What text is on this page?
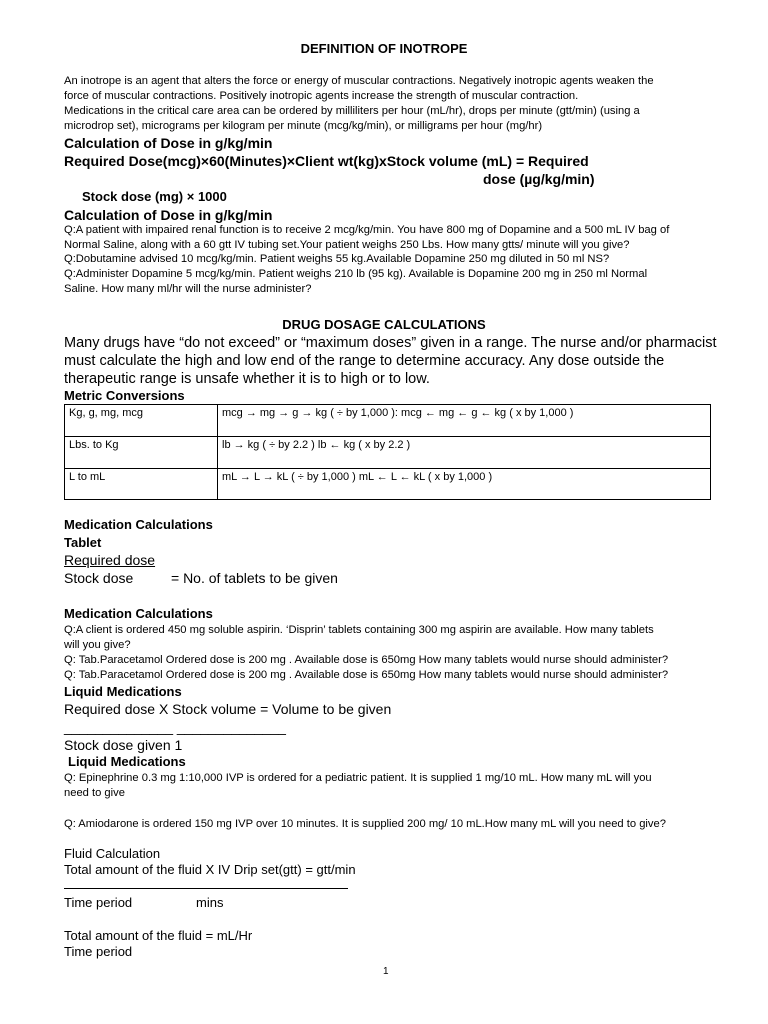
DEFINITION OF INOTROPE
An inotrope is an agent that alters the force or energy of muscular contractions. Negatively inotropic agents weaken the
force of muscular contractions. Positively inotropic agents increase the strength of muscular contraction.
Medications in the critical care area can be ordered by milliliters per hour (mL/hr), drops per minute (gtt/min) (using a
microdrop set), micrograms per kilogram per minute (mcg/kg/min), or milligrams per hour (mg/hr)
Calculation of Dose in g/kg/min
Required Dose(mcg)×60(Minutes)×Client wt(kg)xStock volume (mL) = Required
dose (µg/kg/min)
Stock dose (mg) × 1000
Calculation of Dose in g/kg/min
Q:A patient with impaired renal function is to receive 2 mcg/kg/min. You have 800 mg of Dopamine and a 500 mL IV bag of
Normal Saline, along with a 60 gtt IV tubing set.Your patient weighs 250 Lbs. How many gtts/ minute will you give?
Q:Dobutamine advised 10 mcg/kg/min. Patient weighs 55 kg.Available Dopamine 250 mg diluted in 50 ml NS?
Q:Administer Dopamine 5 mcg/kg/min. Patient weighs 210 lb (95 kg). Available is Dopamine 200 mg in 250 ml Normal
Saline. How many ml/hr will the nurse administer?
DRUG DOSAGE CALCULATIONS
Many drugs have “do not exceed” or “maximum doses” given in a range. The nurse and/or pharmacist
must calculate the high and low end of the range to determine accuracy. Any dose outside the
therapeutic range is unsafe whether it is to high or to low.
Metric Conversions
Kg, g, mg, mcg	mcg → mg → g → kg ( ÷ by 1,000 ): mcg ← mg ← g ← kg ( x by 1,000 )
Lbs. to Kg	lb → kg ( ÷ by 2.2 ) lb ← kg ( x by 2.2 )
L to mL	mL → L → kL ( ÷ by 1,000 ) mL ← L ← kL ( x by 1,000 )
Medication Calculations
Tablet
Required dose
Stock dose	= No. of tablets to be given
Medication Calculations
Q:A client is ordered 450 mg soluble aspirin. ‘Disprin’ tablets containing 300 mg aspirin are available. How many tablets
will you give?
Q: Tab.Paracetamol Ordered dose is 200 mg . Available dose is 650mg How many tablets would nurse should administer?
Q: Tab.Paracetamol Ordered dose is 200 mg . Available dose is 650mg How many tablets would nurse should administer?
Liquid Medications
Required dose X Stock volume = Volume to be given
______________ ______________
Stock dose given 1
Liquid Medications
Q: Epinephrine 0.3 mg 1:10,000 IVP is ordered for a pediatric patient. It is supplied 1 mg/10 mL. How many mL will you
need to give
Q: Amiodarone is ordered 150 mg IVP over 10 minutes. It is supplied 200 mg/ 10 mL.How many mL will you need to give?
Fluid Calculation
Total amount of the fluid X IV Drip set(gtt) = gtt/min
Time period	mins
Total amount of the fluid = mL/Hr
Time period
1
